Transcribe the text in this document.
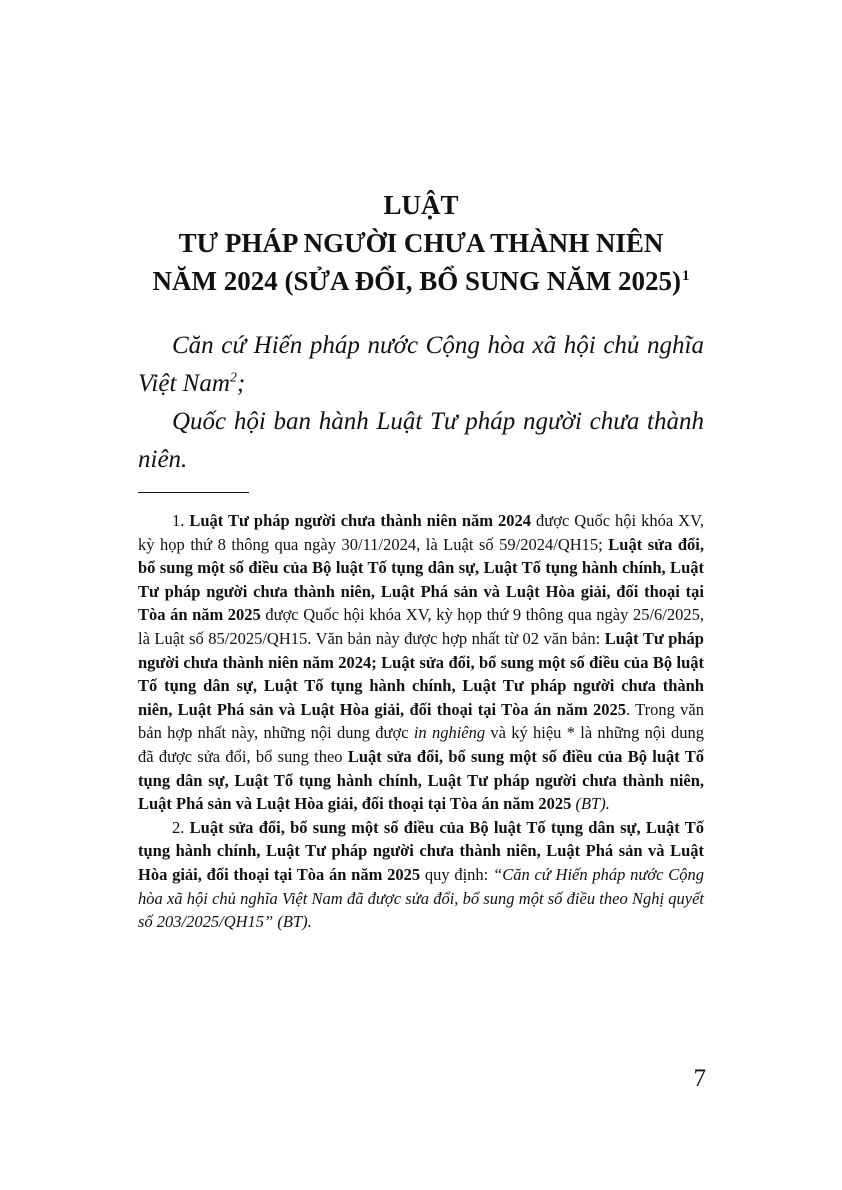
LUẬT
TƯ PHÁP NGƯỜI CHƯA THÀNH NIÊN
NĂM 2024 (SỬA ĐỔI, BỔ SUNG NĂM 2025)$^1$

Căn cứ Hiến pháp nước Cộng hòa xã hội chủ nghĩa Việt Nam$^2$;

Quốc hội ban hành Luật Tư pháp người chưa thành niên.

1. Luật Tư pháp người chưa thành niên năm 2024 được Quốc hội khóa XV, kỳ họp thứ 8 thông qua ngày 30/11/2024, là Luật số 59/2024/QH15; Luật sửa đổi, bổ sung một số điều của Bộ luật Tố tụng dân sự, Luật Tố tụng hành chính, Luật Tư pháp người chưa thành niên, Luật Phá sản và Luật Hòa giải, đối thoại tại Tòa án năm 2025 được Quốc hội khóa XV, kỳ họp thứ 9 thông qua ngày 25/6/2025, là Luật số 85/2025/QH15. Văn bản này được hợp nhất từ 02 văn bản: Luật Tư pháp người chưa thành niên năm 2024; Luật sửa đổi, bổ sung một số điều của Bộ luật Tố tụng dân sự, Luật Tố tụng hành chính, Luật Tư pháp người chưa thành niên, Luật Phá sản và Luật Hòa giải, đối thoại tại Tòa án năm 2025. Trong văn bản hợp nhất này, những nội dung được in nghiêng và ký hiệu * là những nội dung đã được sửa đổi, bổ sung theo Luật sửa đổi, bổ sung một số điều của Bộ luật Tố tụng dân sự, Luật Tố tụng hành chính, Luật Tư pháp người chưa thành niên, Luật Phá sản và Luật Hòa giải, đối thoại tại Tòa án năm 2025 (BT).

2. Luật sửa đổi, bổ sung một số điều của Bộ luật Tố tụng dân sự, Luật Tố tụng hành chính, Luật Tư pháp người chưa thành niên, Luật Phá sản và Luật Hòa giải, đối thoại tại Tòa án năm 2025 quy định: “Căn cứ Hiến pháp nước Cộng hòa xã hội chủ nghĩa Việt Nam đã được sửa đổi, bổ sung một số điều theo Nghị quyết số 203/2025/QH15” (BT).

7
